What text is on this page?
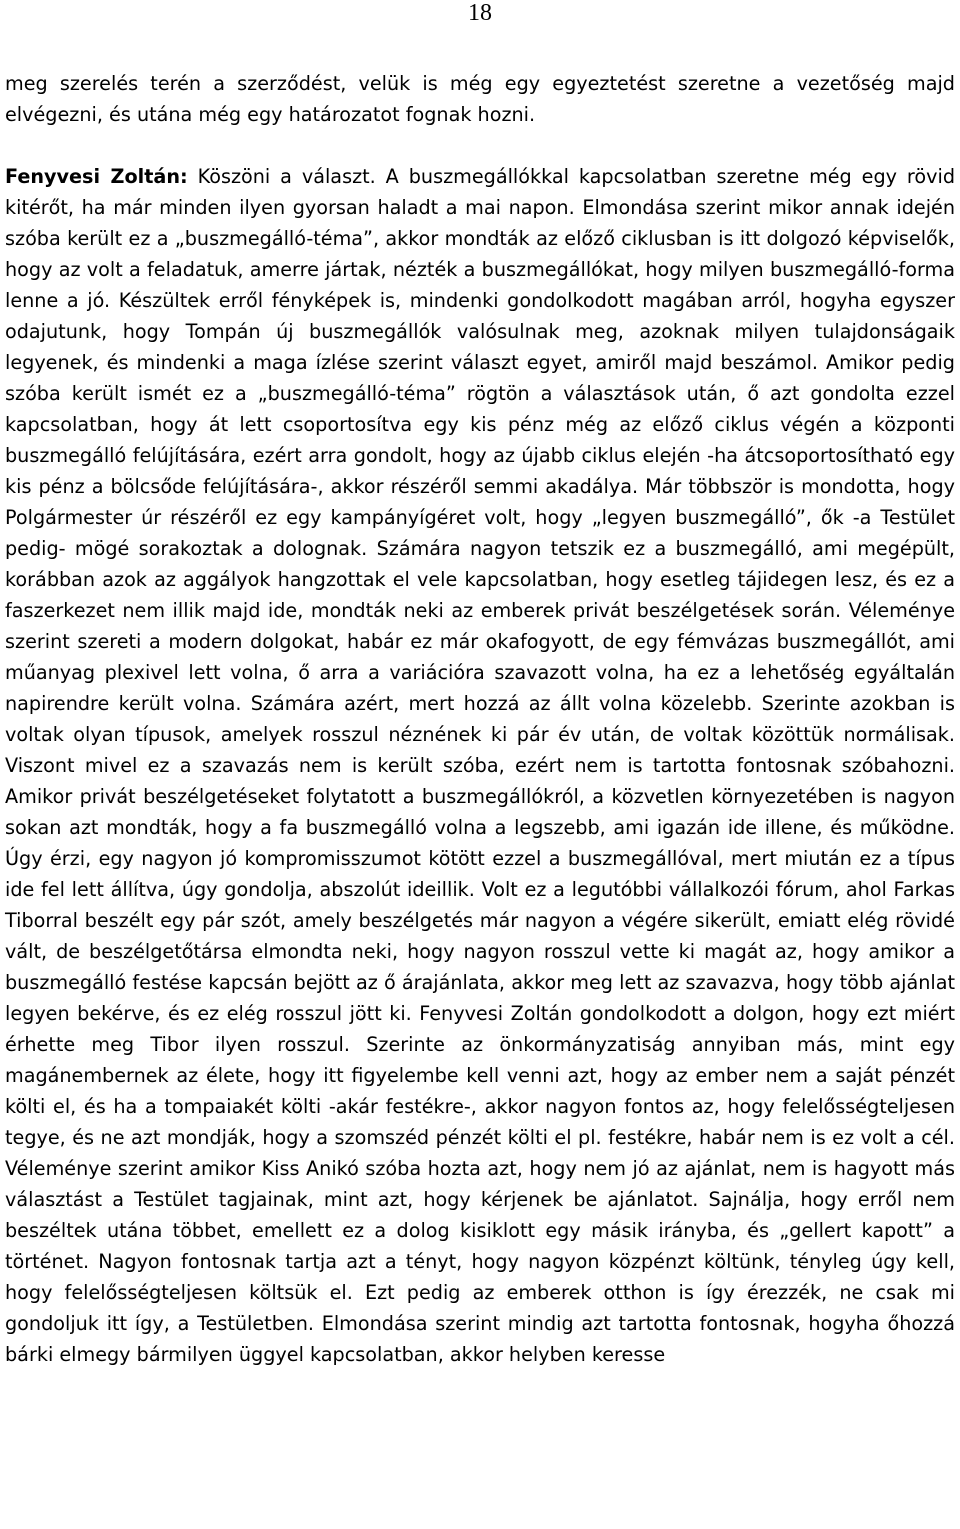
18

meg szerelés terén a szerződést, velük is még egy egyeztetést szeretne a vezetőség majd elvégezni, és utána még egy határozatot fognak hozni.

Fenyvesi Zoltán: Köszöni a választ. A buszmegállókkal kapcsolatban szeretne még egy rövid kitérőt, ha már minden ilyen gyorsan haladt a mai napon. Elmondása szerint mikor annak idején szóba került ez a „buszmegálló-téma”, akkor mondták az előző ciklusban is itt dolgozó képviselők, hogy az volt a feladatuk, amerre jártak, nézték a buszmegállókat, hogy milyen buszmegálló-forma lenne a jó. Készültek erről fényképek is, mindenki gondolkodott magában arról, hogyha egyszer odajutunk, hogy Tompán új buszmegállók valósulnak meg, azoknak milyen tulajdonságaik legyenek, és mindenki a maga ízlése szerint választ egyet, amiről majd beszámol. Amikor pedig szóba került ismét ez a „buszmegálló-téma” rögtön a választások után, ő azt gondolta ezzel kapcsolatban, hogy át lett csoportosítva egy kis pénz még az előző ciklus végén a központi buszmegálló felújítására, ezért arra gondolt, hogy az újabb ciklus elején -ha átcsoportosítható egy kis pénz a bölcsőde felújítására-, akkor részéről semmi akadálya. Már többször is mondotta, hogy Polgármester úr részéről ez egy kampányígéret volt, hogy „legyen buszmegálló”, ők -a Testület pedig- mögé sorakoztak a dolognak. Számára nagyon tetszik ez a buszmegálló, ami megépült, korábban azok az aggályok hangzottak el vele kapcsolatban, hogy esetleg tájidegen lesz, és ez a faszerkezet nem illik majd ide, mondták neki az emberek privát beszélgetések során. Véleménye szerint szereti a modern dolgokat, habár ez már okafogyott, de egy fémvázas buszmegállót, ami műanyag plexivel lett volna, ő arra a variációra szavazott volna, ha ez a lehetőség egyáltalán napirendre került volna. Számára azért, mert hozzá az állt volna közelebb. Szerinte azokban is voltak olyan típusok, amelyek rosszul néznének ki pár év után, de voltak közöttük normálisak. Viszont mivel ez a szavazás nem is került szóba, ezért nem is tartotta fontosnak szóbahozni. Amikor privát beszélgetéseket folytatott a buszmegállókról, a közvetlen környezetében is nagyon sokan azt mondták, hogy a fa buszmegálló volna a legszebb, ami igazán ide illene, és működne. Úgy érzi, egy nagyon jó kompromisszumot kötött ezzel a buszmegállóval, mert miután ez a típus ide fel lett állítva, úgy gondolja, abszolút ideillik. Volt ez a legutóbbi vállalkozói fórum, ahol Farkas Tiborral beszélt egy pár szót, amely beszélgetés már nagyon a végére sikerült, emiatt elég rövidé vált, de beszélgetőtársa elmondta neki, hogy nagyon rosszul vette ki magát az, hogy amikor a buszmegálló festése kapcsán bejött az ő árajánlata, akkor meg lett az szavazva, hogy több ajánlat legyen bekérve, és ez elég rosszul jött ki. Fenyvesi Zoltán gondolkodott a dolgon, hogy ezt miért érhette meg Tibor ilyen rosszul. Szerinte az önkormányzatiság annyiban más, mint egy magánembernek az élete, hogy itt figyelembe kell venni azt, hogy az ember nem a saját pénzét költi el, és ha a tompaiakét költi -akár festékre-, akkor nagyon fontos az, hogy felelősségteljesen tegye, és ne azt mondják, hogy a szomszéd pénzét költi el pl. festékre, habár nem is ez volt a cél. Véleménye szerint amikor Kiss Anikó szóba hozta azt, hogy nem jó az ajánlat, nem is hagyott más választást a Testület tagjainak, mint azt, hogy kérjenek be ajánlatot. Sajnálja, hogy erről nem beszéltek utána többet, emellett ez a dolog kisiklott egy másik irányba, és „gellert kapott” a történet. Nagyon fontosnak tartja azt a tényt, hogy nagyon közpénzt költünk, tényleg úgy kell, hogy felelősségteljesen költsük el. Ezt pedig az emberek otthon is így érezzék, ne csak mi gondoljuk itt így, a Testületben. Elmondása szerint mindig azt tartotta fontosnak, hogyha őhozzá bárki elmegy bármilyen üggyel kapcsolatban, akkor helyben keresse
